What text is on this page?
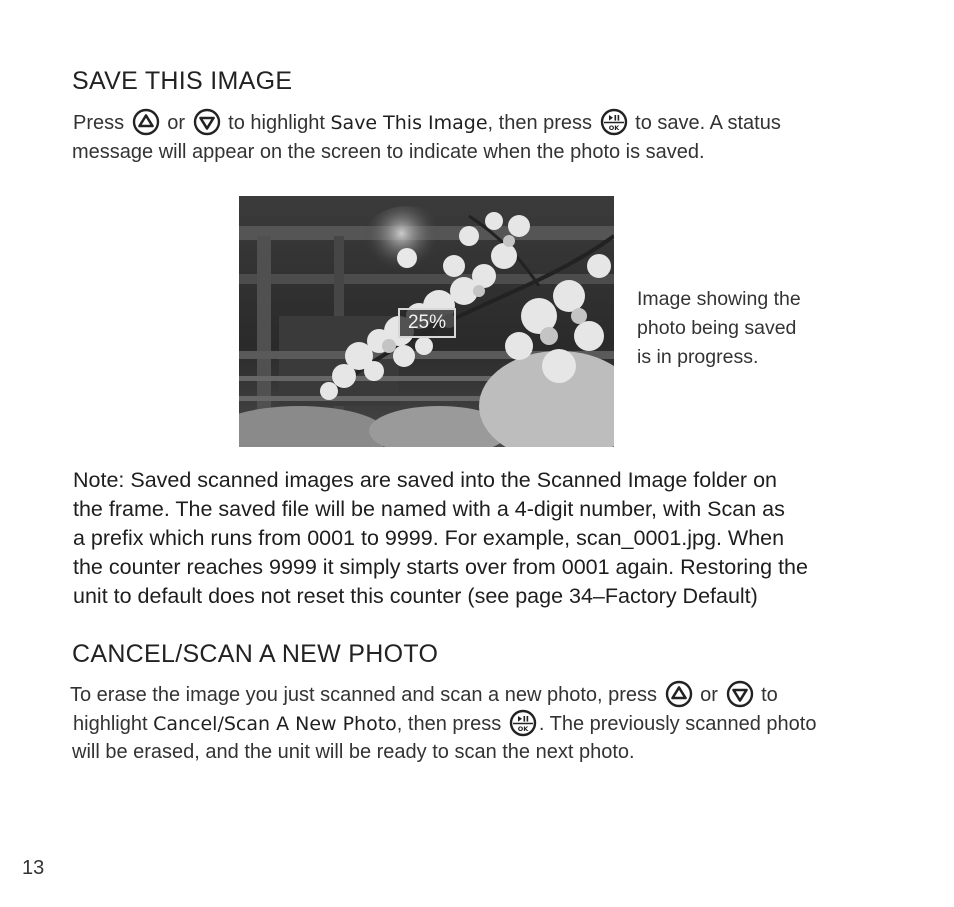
SAVE THIS IMAGE
Press or to highlight Save This Image, then press	OK to save. A status
message will appear on the screen to indicate when the photo is saved.
25%
Image showing the
photo being saved
is in progress.
Note: Saved scanned images are saved into the Scanned Image folder on
the frame. The saved file will be named with a 4-digit number, with Scan as
a prefix which runs from 0001 to 9999. For example, scan_0001.jpg. When
the counter reaches 9999 it simply starts over from 0001 again. Restoring the
unit to default does not reset this counter (see page 34–Factory Default)
CANCEL/SCAN A NEW PHOTO
To erase the image you just scanned and scan a new photo, press or to
highlight Cancel/Scan A New Photo, then press	OK . The previously scanned photo
will be erased, and the unit will be ready to scan the next photo.
13
